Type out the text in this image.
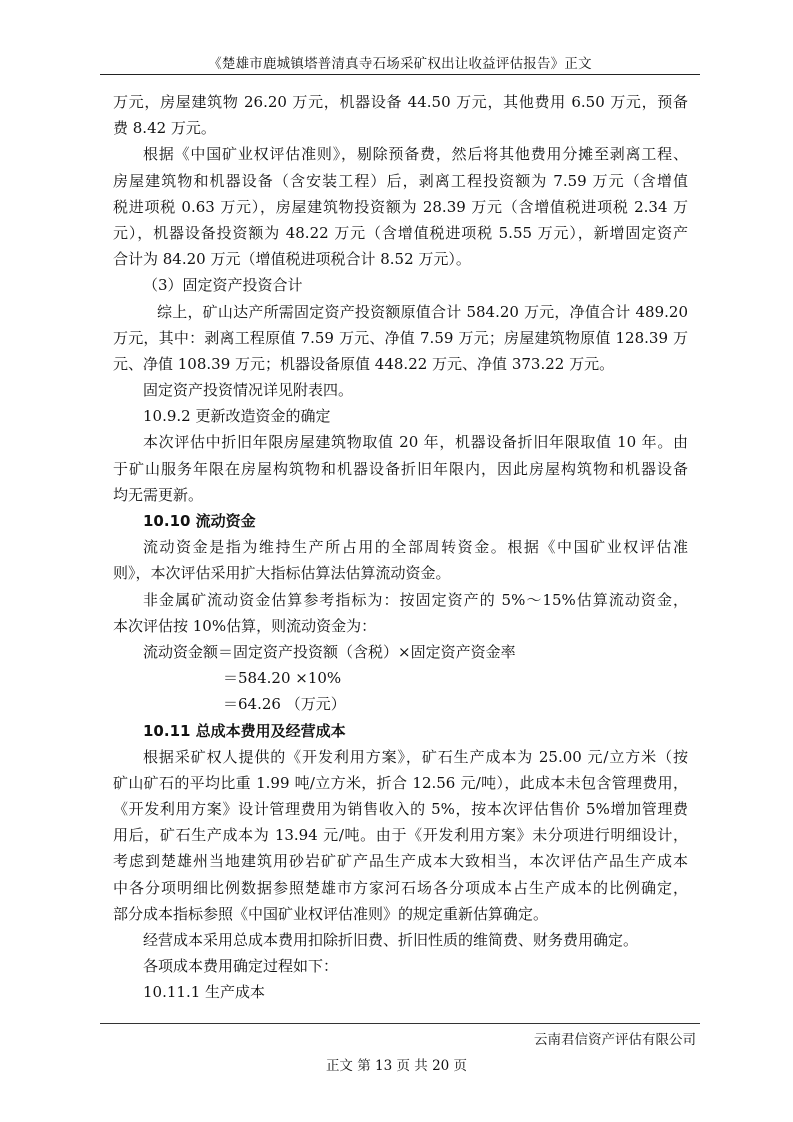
《楚雄市鹿城镇塔普清真寺石场采矿权出让收益评估报告》正文
万元，房屋建筑物 26.20 万元，机器设备 44.50 万元，其他费用 6.50 万元，预备
费 8.42 万元。
根据《中国矿业权评估准则》，剔除预备费，然后将其他费用分摊至剥离工程、
房屋建筑物和机器设备（含安装工程）后，剥离工程投资额为 7.59 万元（含增值
税进项税 0.63 万元），房屋建筑物投资额为 28.39 万元（含增值税进项税 2.34 万
元），机器设备投资额为 48.22 万元（含增值税进项税 5.55 万元），新增固定资产
合计为 84.20 万元（增值税进项税合计 8.52 万元）。
（3）固定资产投资合计
综上，矿山达产所需固定资产投资额原值合计 584.20 万元，净值合计 489.20
万元，其中：剥离工程原值 7.59 万元、净值 7.59 万元；房屋建筑物原值 128.39 万
元、净值 108.39 万元；机器设备原值 448.22 万元、净值 373.22 万元。
固定资产投资情况详见附表四。
10.9.2 更新改造资金的确定
本次评估中折旧年限房屋建筑物取值 20 年，机器设备折旧年限取值 10 年。由
于矿山服务年限在房屋构筑物和机器设备折旧年限内，因此房屋构筑物和机器设备
均无需更新。
10.10 流动资金
流动资金是指为维持生产所占用的全部周转资金。根据《中国矿业权评估准
则》，本次评估采用扩大指标估算法估算流动资金。
非金属矿流动资金估算参考指标为：按固定资产的 5%～15%估算流动资金，
本次评估按 10%估算，则流动资金为：
流动资金额＝固定资产投资额（含税）×固定资产资金率
＝584.20 ×10%
＝64.26 （万元）
10.11 总成本费用及经营成本
根据采矿权人提供的《开发利用方案》，矿石生产成本为 25.00 元/立方米（按
矿山矿石的平均比重 1.99 吨/立方米，折合 12.56 元/吨），此成本未包含管理费用，
《开发利用方案》设计管理费用为销售收入的 5%，按本次评估售价 5%增加管理费
用后，矿石生产成本为 13.94 元/吨。由于《开发利用方案》未分项进行明细设计，
考虑到楚雄州当地建筑用砂岩矿矿产品生产成本大致相当，本次评估产品生产成本
中各分项明细比例数据参照楚雄市方家河石场各分项成本占生产成本的比例确定，
部分成本指标参照《中国矿业权评估准则》的规定重新估算确定。
经营成本采用总成本费用扣除折旧费、折旧性质的维简费、财务费用确定。
各项成本费用确定过程如下：
10.11.1 生产成本
云南君信资产评估有限公司
正文 第 13 页 共 20 页
